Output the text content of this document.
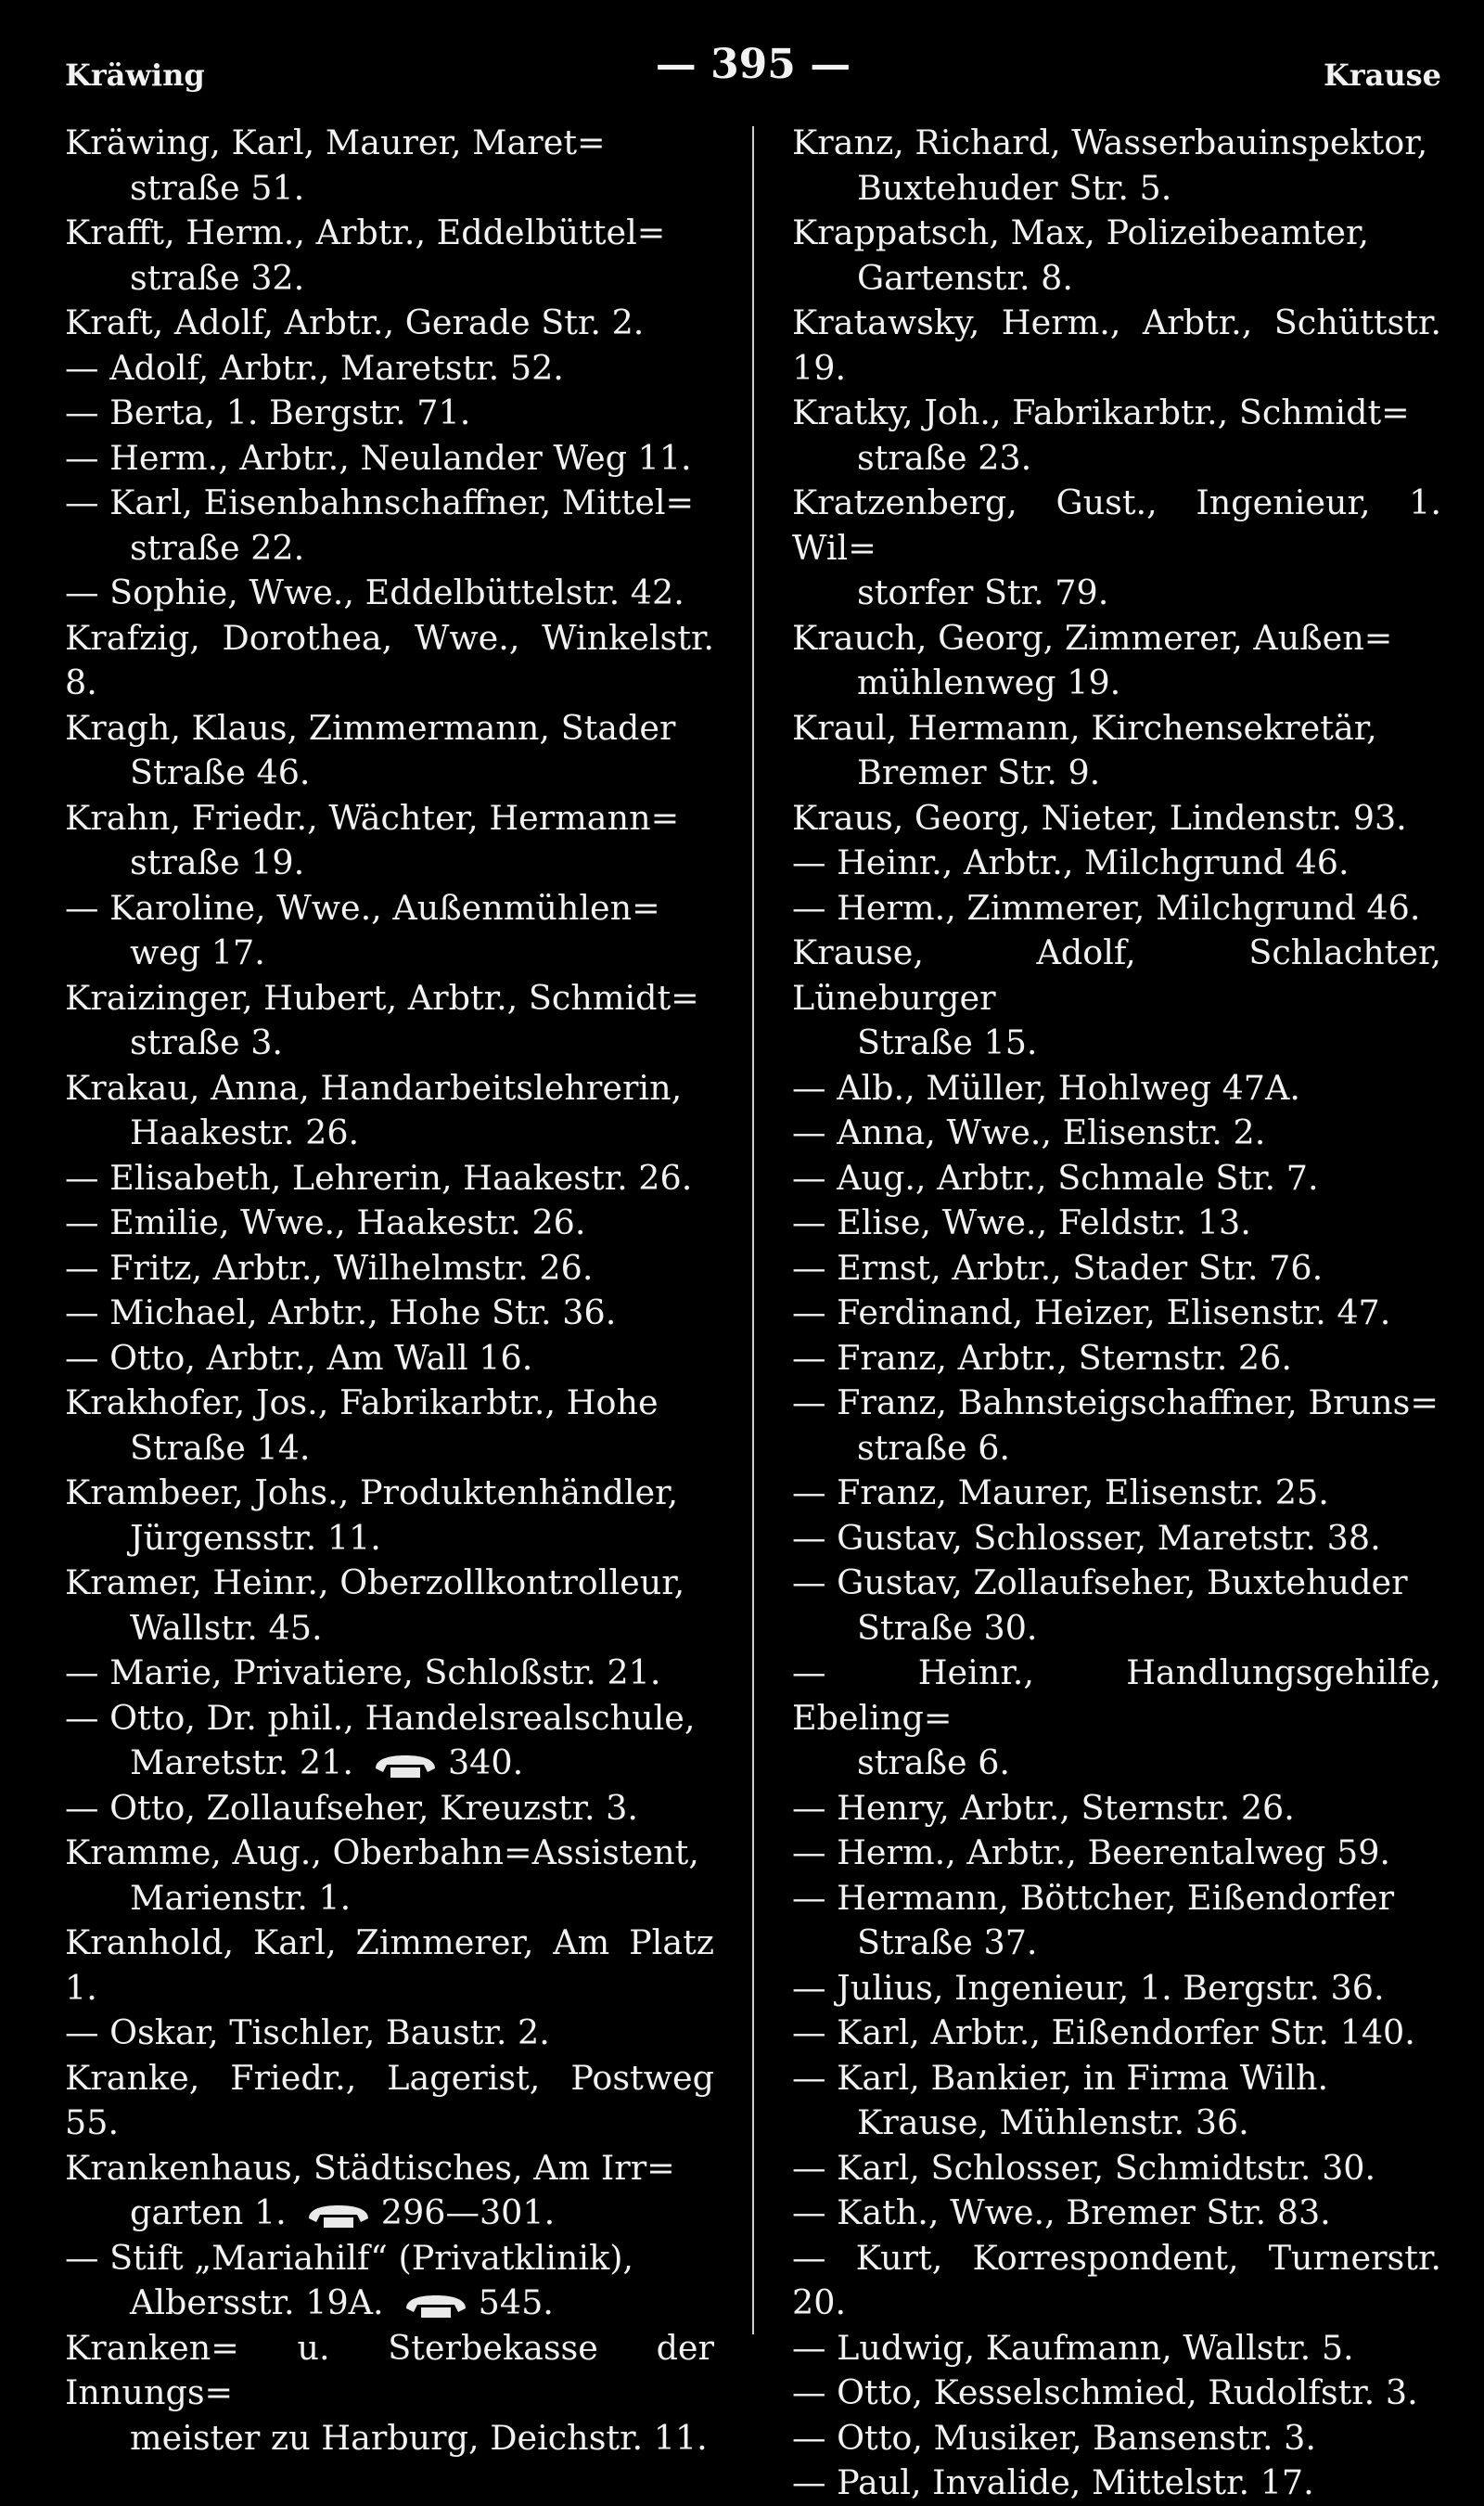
Kräwing	— 395 —	Krause
Kräwing, Karl, Maurer, Maret=
straße 51.
Krafft, Herm., Arbtr., Eddelbüttel=
straße 32.
Kraft, Adolf, Arbtr., Gerade Str. 2.
— Adolf, Arbtr., Maretstr. 52.
— Berta, 1. Bergstr. 71.
— Herm., Arbtr., Neulander Weg 11.
— Karl, Eisenbahnschaffner, Mittel=
straße 22.
— Sophie, Wwe., Eddelbüttelstr. 42.
Krafzig, Dorothea, Wwe., Winkelstr. 8.
Kragh, Klaus, Zimmermann, Stader
Straße 46.
Krahn, Friedr., Wächter, Hermann=
straße 19.
— Karoline, Wwe., Außenmühlen=
weg 17.
Kraizinger, Hubert, Arbtr., Schmidt=
straße 3.
Krakau, Anna, Handarbeitslehrerin,
Haakestr. 26.
— Elisabeth, Lehrerin, Haakestr. 26.
— Emilie, Wwe., Haakestr. 26.
— Fritz, Arbtr., Wilhelmstr. 26.
— Michael, Arbtr., Hohe Str. 36.
— Otto, Arbtr., Am Wall 16.
Krakhofer, Jos., Fabrikarbtr., Hohe
Straße 14.
Krambeer, Johs., Produktenhändler,
Jürgensstr. 11.
Kramer, Heinr., Oberzollkontrolleur,
Wallstr. 45.
— Marie, Privatiere, Schloßstr. 21.
— Otto, Dr. phil., Handelsrealschule,
Maretstr. 21.	340.
— Otto, Zollaufseher, Kreuzstr. 3.
Kramme, Aug., Oberbahn=Assistent,
Marienstr. 1.
Kranhold, Karl, Zimmerer, Am Platz 1.
— Oskar, Tischler, Baustr. 2.
Kranke, Friedr., Lagerist, Postweg 55.
Krankenhaus, Städtisches, Am Irr=
garten 1.	296—301.
— Stift „Mariahilf“ (Privatklinik),
Albersstr. 19A.	545.
Kranken= u. Sterbekasse der Innungs=
meister zu Harburg, Deichstr. 11.
Kranz, Richard, Wasserbauinspektor,
Buxtehuder Str. 5.
Krappatsch, Max, Polizeibeamter,
Gartenstr. 8.
Kratawsky, Herm., Arbtr., Schüttstr. 19.
Kratky, Joh., Fabrikarbtr., Schmidt=
straße 23.
Kratzenberg, Gust., Ingenieur, 1. Wil=
storfer Str. 79.
Krauch, Georg, Zimmerer, Außen=
mühlenweg 19.
Kraul, Hermann, Kirchensekretär,
Bremer Str. 9.
Kraus, Georg, Nieter, Lindenstr. 93.
— Heinr., Arbtr., Milchgrund 46.
— Herm., Zimmerer, Milchgrund 46.
Krause, Adolf, Schlachter, Lüneburger
Straße 15.
— Alb., Müller, Hohlweg 47A.
— Anna, Wwe., Elisenstr. 2.
— Aug., Arbtr., Schmale Str. 7.
— Elise, Wwe., Feldstr. 13.
— Ernst, Arbtr., Stader Str. 76.
— Ferdinand, Heizer, Elisenstr. 47.
— Franz, Arbtr., Sternstr. 26.
— Franz, Bahnsteigschaffner, Bruns=
straße 6.
— Franz, Maurer, Elisenstr. 25.
— Gustav, Schlosser, Maretstr. 38.
— Gustav, Zollaufseher, Buxtehuder
Straße 30.
— Heinr., Handlungsgehilfe, Ebeling=
straße 6.
— Henry, Arbtr., Sternstr. 26.
— Herm., Arbtr., Beerentalweg 59.
— Hermann, Böttcher, Eißendorfer
Straße 37.
— Julius, Ingenieur, 1. Bergstr. 36.
— Karl, Arbtr., Eißendorfer Str. 140.
— Karl, Bankier, in Firma Wilh.
Krause, Mühlenstr. 36.
— Karl, Schlosser, Schmidtstr. 30.
— Kath., Wwe., Bremer Str. 83.
— Kurt, Korrespondent, Turnerstr. 20.
— Ludwig, Kaufmann, Wallstr. 5.
— Otto, Kesselschmied, Rudolfstr. 3.
— Otto, Musiker, Bansenstr. 3.
— Paul, Invalide, Mittelstr. 17.
